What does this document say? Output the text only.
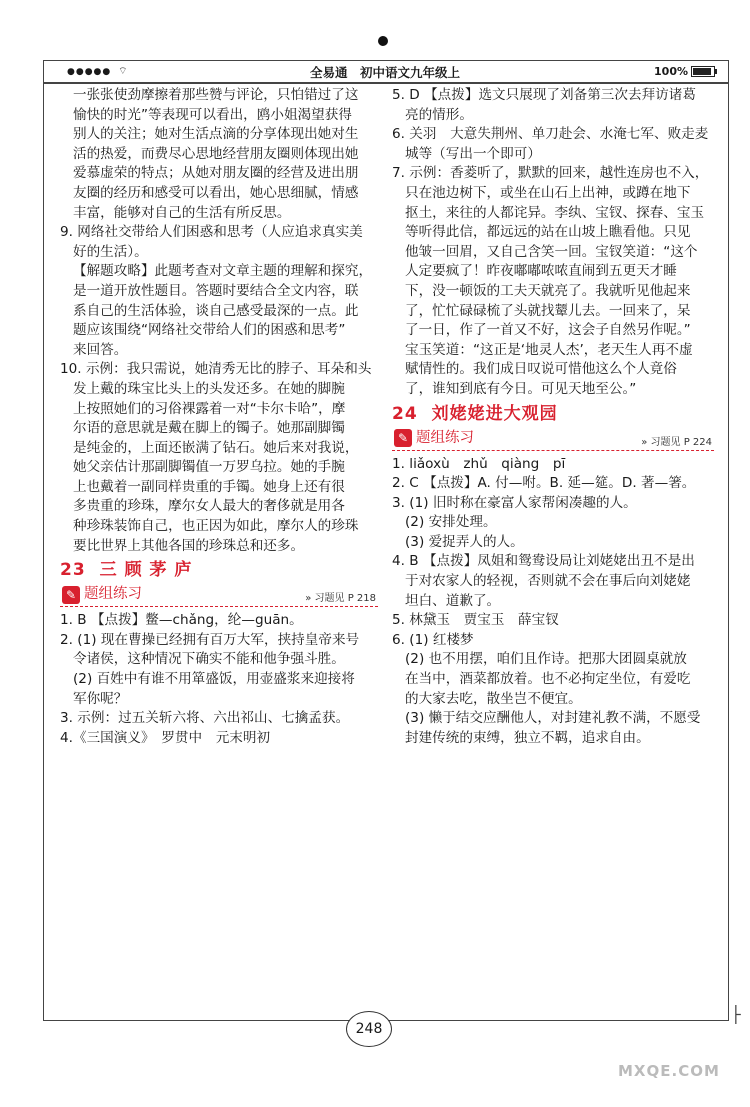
●●●●● ⌔	全易通　初中语文九年级上	100%
一张张使劲摩擦着那些赞与评论，只怕错过了这
愉快的时光”等表现可以看出，鸥小姐渴望获得
别人的关注；她对生活点滴的分享体现出她对生
活的热爱，而费尽心思地经营朋友圈则体现出她
爱慕虚荣的特点；从她对朋友圈的经营及进出朋
友圈的经历和感受可以看出，她心思细腻，情感
丰富，能够对自己的生活有所反思。
9. 网络社交带给人们困惑和思考（人应追求真实美
好的生活）。
【解题攻略】此题考查对文章主题的理解和探究，
是一道开放性题目。答题时要结合全文内容，联
系自己的生活体验，谈自己感受最深的一点。此
题应该围绕“网络社交带给人们的困惑和思考”
来回答。
10. 示例：我只需说，她清秀无比的脖子、耳朵和头
发上戴的珠宝比头上的头发还多。在她的脚腕
上按照她们的习俗裸露着一对“卡尔卡哈”，摩
尔语的意思就是戴在脚上的镯子。她那副脚镯
是纯金的，上面还嵌满了钻石。她后来对我说，
她父亲估计那副脚镯值一万罗乌拉。她的手腕
上也戴着一副同样贵重的手镯。她身上还有很
多贵重的珍珠，摩尔女人最大的奢侈就是用各
种珍珠装饰自己，也正因为如此，摩尔人的珍珠
要比世界上其他各国的珍珠总和还多。
23 三 顾 茅 庐
✎ 题组练习	» 习题见 P 218
1. B 【点拨】鳖—chǎng，纶—guān。
2. (1) 现在曹操已经拥有百万大军，挟持皇帝来号
令诸侯，这种情况下确实不能和他争强斗胜。
(2) 百姓中有谁不用箪盛饭，用壶盛浆来迎接将
军你呢？
3. 示例：过五关斩六将、六出祁山、七擒孟获。
4.《三国演义》　罗贯中　元末明初
5. D 【点拨】选文只展现了刘备第三次去拜访诸葛
亮的情形。
6. 关羽　大意失荆州、单刀赴会、水淹七军、败走麦
城等（写出一个即可）
7. 示例：香菱听了，默默的回来，越性连房也不入，
只在池边树下，或坐在山石上出神，或蹲在地下
抠土，来往的人都诧异。李纨、宝钗、探春、宝玉
等听得此信，都远远的站在山坡上瞧看他。只见
他皱一回眉，又自己含笑一回。宝钗笑道：“这个
人定要疯了！昨夜嘟嘟哝哝直闹到五更天才睡
下，没一顿饭的工夫天就亮了。我就听见他起来
了，忙忙碌碌梳了头就找颦儿去。一回来了，呆
了一日，作了一首又不好，这会子自然另作呢。”
宝玉笑道：“这正是‘地灵人杰’，老天生人再不虚
赋情性的。我们成日叹说可惜他这么个人竟俗
了，谁知到底有今日。可见天地至公。”
24 刘姥姥进大观园
✎ 题组练习	» 习题见 P 224
1. liǎoxù　zhǔ　qiàng　pī
2. C 【点拨】A. 付—咐。B. 延—筵。D. 著—箸。
3. (1) 旧时称在豪富人家帮闲凑趣的人。
(2) 安排处理。
(3) 爱捉弄人的人。
4. B 【点拨】凤姐和鸳鸯设局让刘姥姥出丑不是出
于对农家人的轻视，否则就不会在事后向刘姥姥
坦白、道歉了。
5. 林黛玉　贾宝玉　薛宝钗
6. (1) 红楼梦
(2) 也不用摆，咱们且作诗。把那大团圆桌就放
在当中，酒菜都放着。也不必拘定坐位，有爱吃
的大家去吃，散坐岂不便宜。
(3) 懒于结交应酬他人，对封建礼教不满，不愿受
封建传统的束缚，独立不羁，追求自由。
248
├
MXQE.COM
